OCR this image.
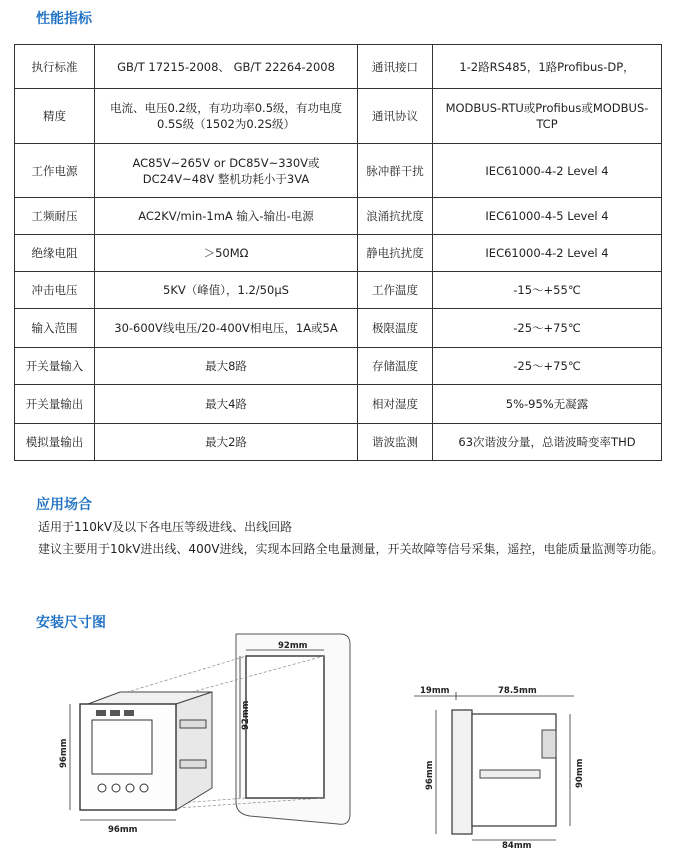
性能指标
执行标准	GB/T 17215-2008、 GB/T 22264-2008	通讯接口	1-2路RS485，1路Profibus-DP，
精度	电流、电压0.2级，有功功率0.5级，有功电度0.5S级（1502为0.2S级）	通讯协议	MODBUS-RTU或Profibus或MODBUS-TCP
工作电源	AC85V~265V or DC85V~330V或DC24V~48V 整机功耗小于3VA	脉冲群干扰	IEC61000-4-2 Level 4
工频耐压	AC2KV/min-1mA 输入-输出-电源	浪涌抗扰度	IEC61000-4-5 Level 4
绝缘电阻	＞50MΩ	静电抗扰度	IEC61000-4-2 Level 4
冲击电压	5KV（峰值），1.2/50μS	工作温度	-15～+55℃
输入范围	30-600V线电压/20-400V相电压，1A或5A	极限温度	-25～+75℃
开关量输入	最大8路	存储温度	-25～+75℃
开关量输出	最大4路	相对湿度	5%-95%无凝露
模拟量输出	最大2路	谐波监测	63次谐波分量，总谐波畸变率THD
应用场合

适用于110kV及以下各电压等级进线、出线回路

建议主要用于10kV进出线、400V进线，实现本回路全电量测量，开关故障等信号采集，遥控，电能质量监测等功能。

安装尺寸图
92mm
92mm
96mm
96mm
19mm	78.5mm
96mm	90mm
84mm
